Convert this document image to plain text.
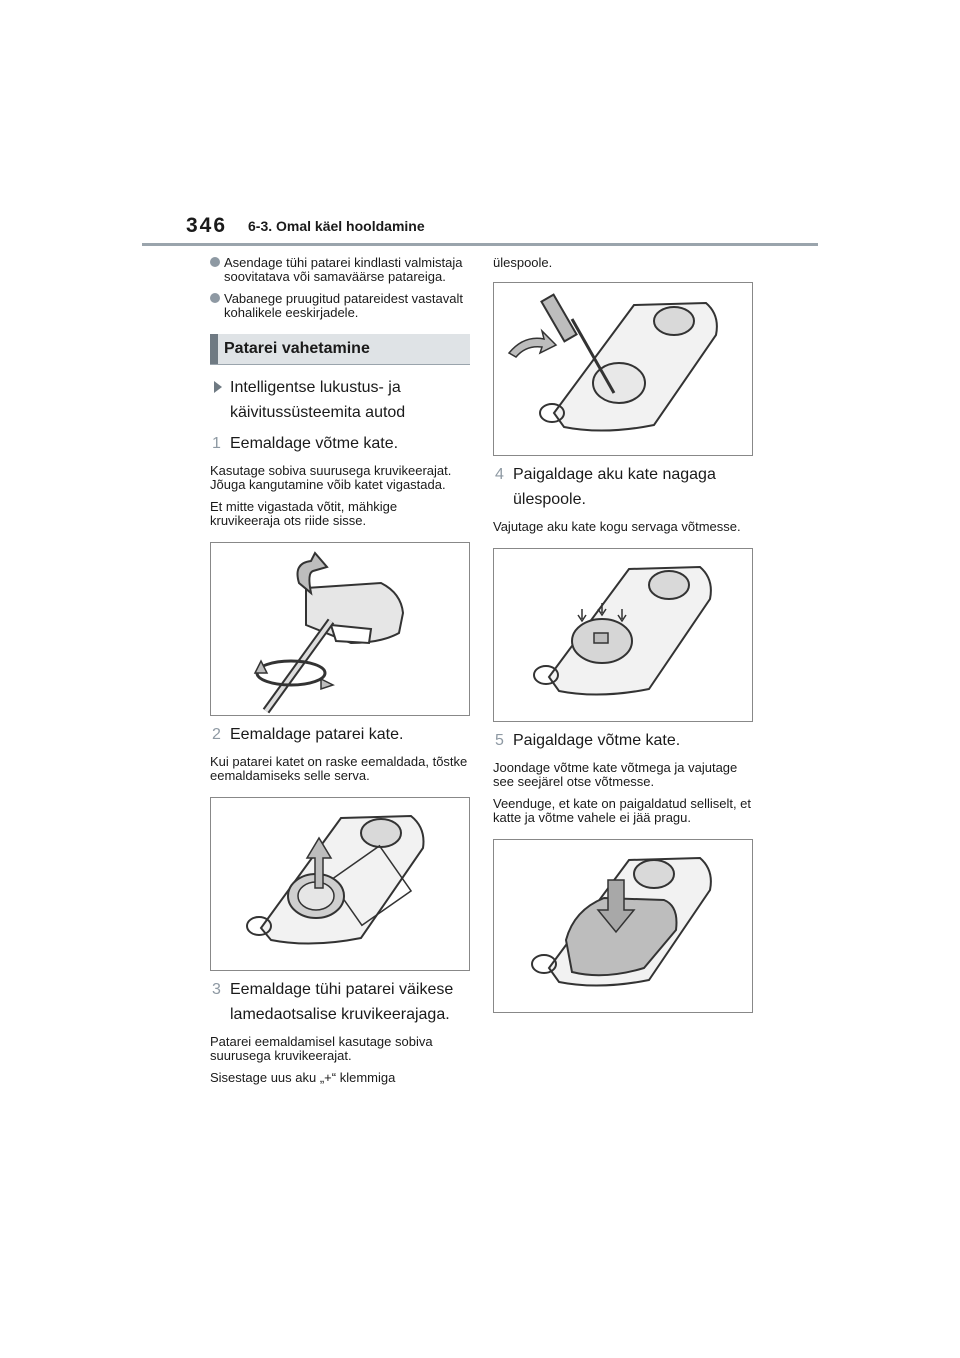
346 6-3. Omal käel hooldamine
Asendage tühi patarei kindlasti valmistaja soovitatava või samaväärse patareiga.
Vabanege pruugitud patareidest vastavalt kohalikele eeskirjadele.
Patarei vahetamine
Intelligentse lukustus- ja käivitussüsteemita autod
1 Eemaldage võtme kate.
Kasutage sobiva suurusega kruvikeerajat. Jõuga kangutamine võib katet vigastada.
Et mitte vigastada võtit, mähkige kruvikeeraja ots riide sisse.
2 Eemaldage patarei kate.
Kui patarei katet on raske eemaldada, tõstke eemaldamiseks selle serva.
3 Eemaldage tühi patarei väikese lamedaotsalise kruvikeerajaga.
Patarei eemaldamisel kasutage sobiva suurusega kruvikeerajat.
Sisestage uus aku „+“ klemmiga
ülespoole.
4 Paigaldage aku kate nagaga ülespoole.
Vajutage aku kate kogu servaga võtmesse.
5 Paigaldage võtme kate.
Joondage võtme kate võtmega ja vajutage see seejärel otse võtmesse.
Veenduge, et kate on paigaldatud selliselt, et katte ja võtme vahele ei jää pragu.
